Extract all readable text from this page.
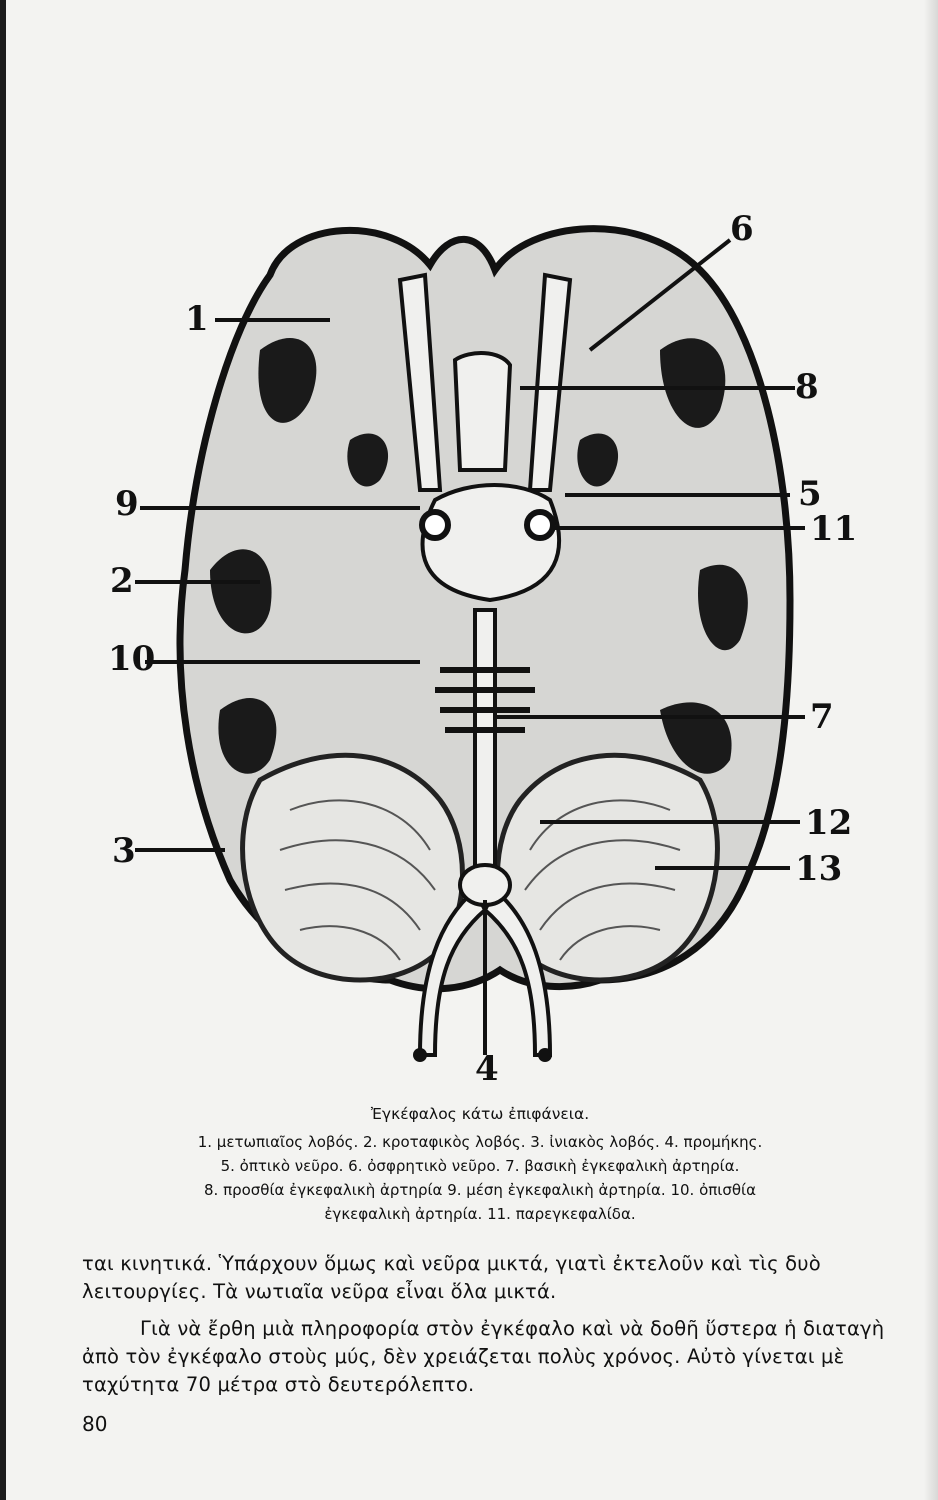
1
9
2
10
3
4
6
8
5
11
7
12
13
Ἐγκέφαλος κάτω ἐπιφάνεια.
1. μετωπιαῖος λοβός. 2. κροταφικὸς λοβός. 3. ἰνιακὸς λοβός. 4. προμήκης.
5. ὀπτικὸ νεῦρο. 6. ὀσφρητικὸ νεῦρο. 7. βασικὴ ἐγκεφαλικὴ ἀρτηρία.
8. προσθία ἐγκεφαλικὴ ἀρτηρία 9. μέση ἐγκεφαλικὴ ἀρτηρία. 10. ὀπισθία
ἐγκεφαλικὴ ἀρτηρία. 11. παρεγκεφαλίδα.
ται κινητικά. Ὑπάρχουν ὅμως καὶ νεῦρα μικτά, γιατὶ ἐκτελοῦν καὶ τὶς δυὸ λειτουργίες. Τὰ νωτιαῖα νεῦρα εἶναι ὅλα μικτά.
Γιὰ νὰ ἔρθη μιὰ πληροφορία στὸν ἐγκέφαλο καὶ νὰ δοθῆ ὕστερα ἡ διαταγὴ ἀπὸ τὸν ἐγκέφαλο στοὺς μύς, δὲν χρειάζεται πολὺς χρόνος. Αὐτὸ γίνεται μὲ ταχύτητα 70 μέτρα στὸ δευτερόλεπτο.
80
